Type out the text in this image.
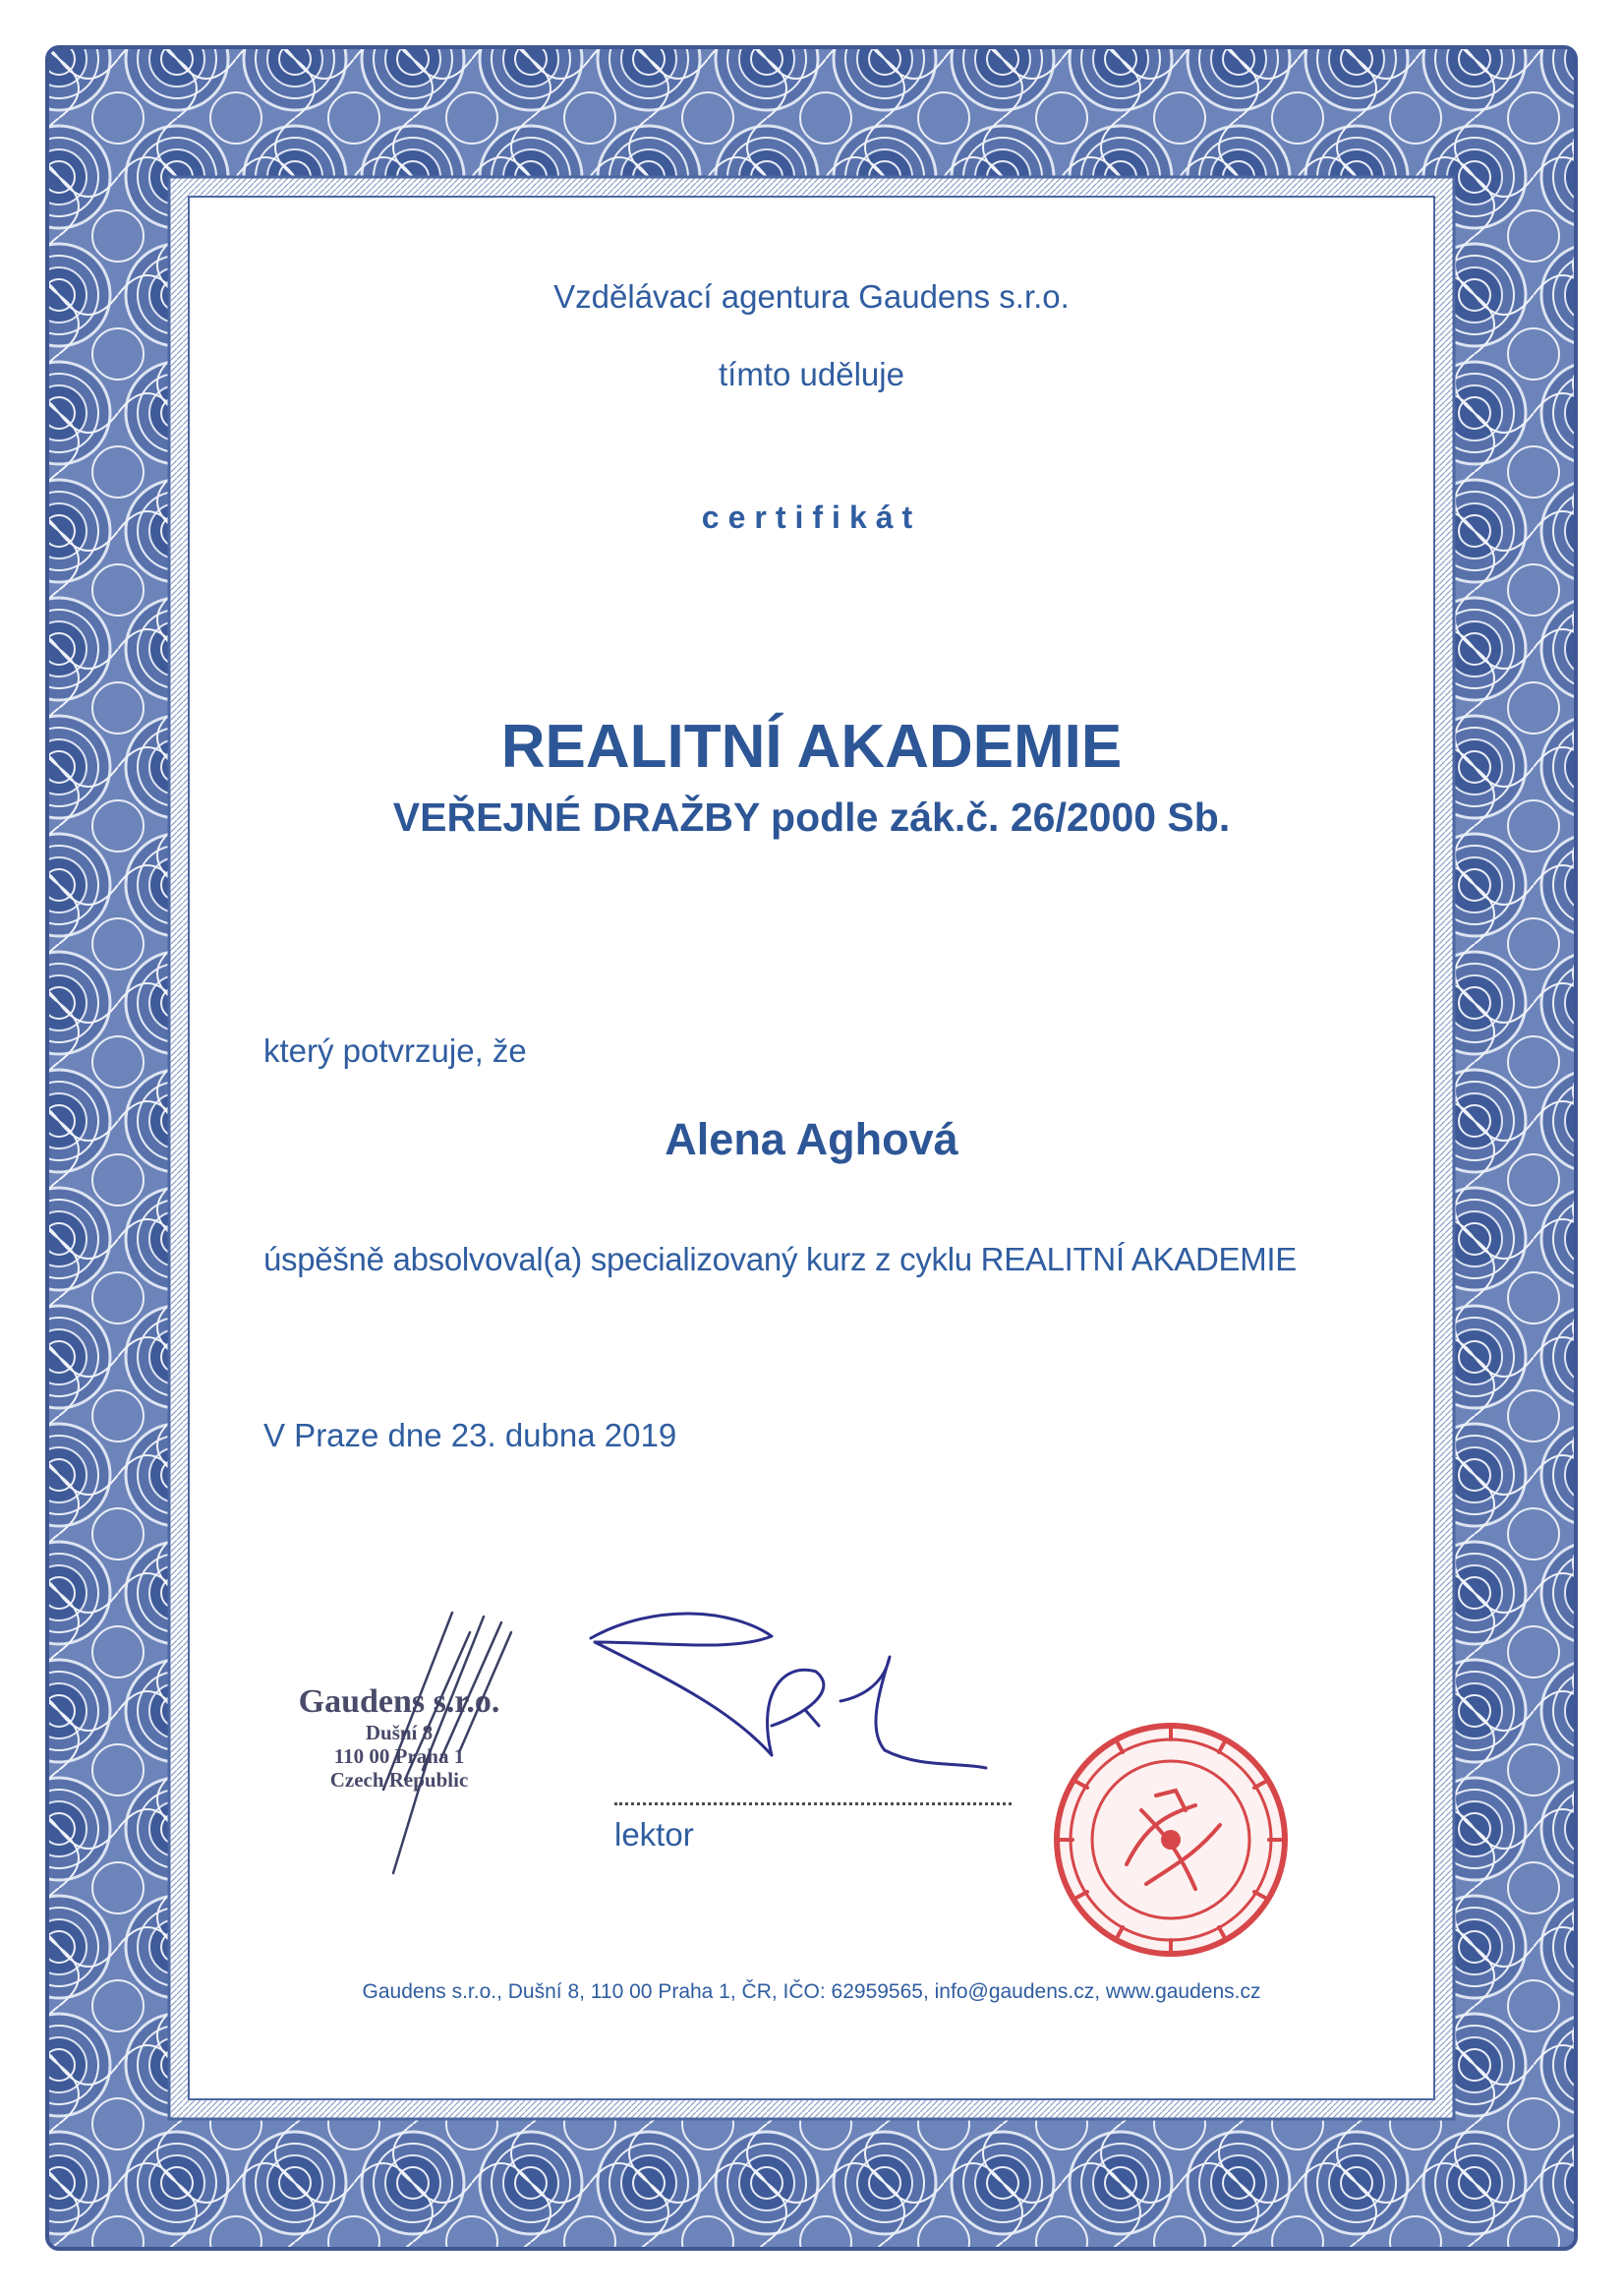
Vzdělávací agentura Gaudens s.r.o.
tímto uděluje
certifikát
REALITNÍ AKADEMIE
VEŘEJNÉ DRAŽBY podle zák.č. 26/2000 Sb.
který potvrzuje, že
Alena Aghová
úspěšně absolvoval(a) specializovaný kurz z cyklu REALITNÍ AKADEMIE
V Praze dne 23. dubna 2019
Gaudens s.r.o.
Dušní 8
110 00 Praha 1
Czech Republic
lektor
Gaudens s.r.o., Dušní 8, 110 00 Praha 1, ČR, IČO: 62959565, info@gaudens.cz, www.gaudens.cz
